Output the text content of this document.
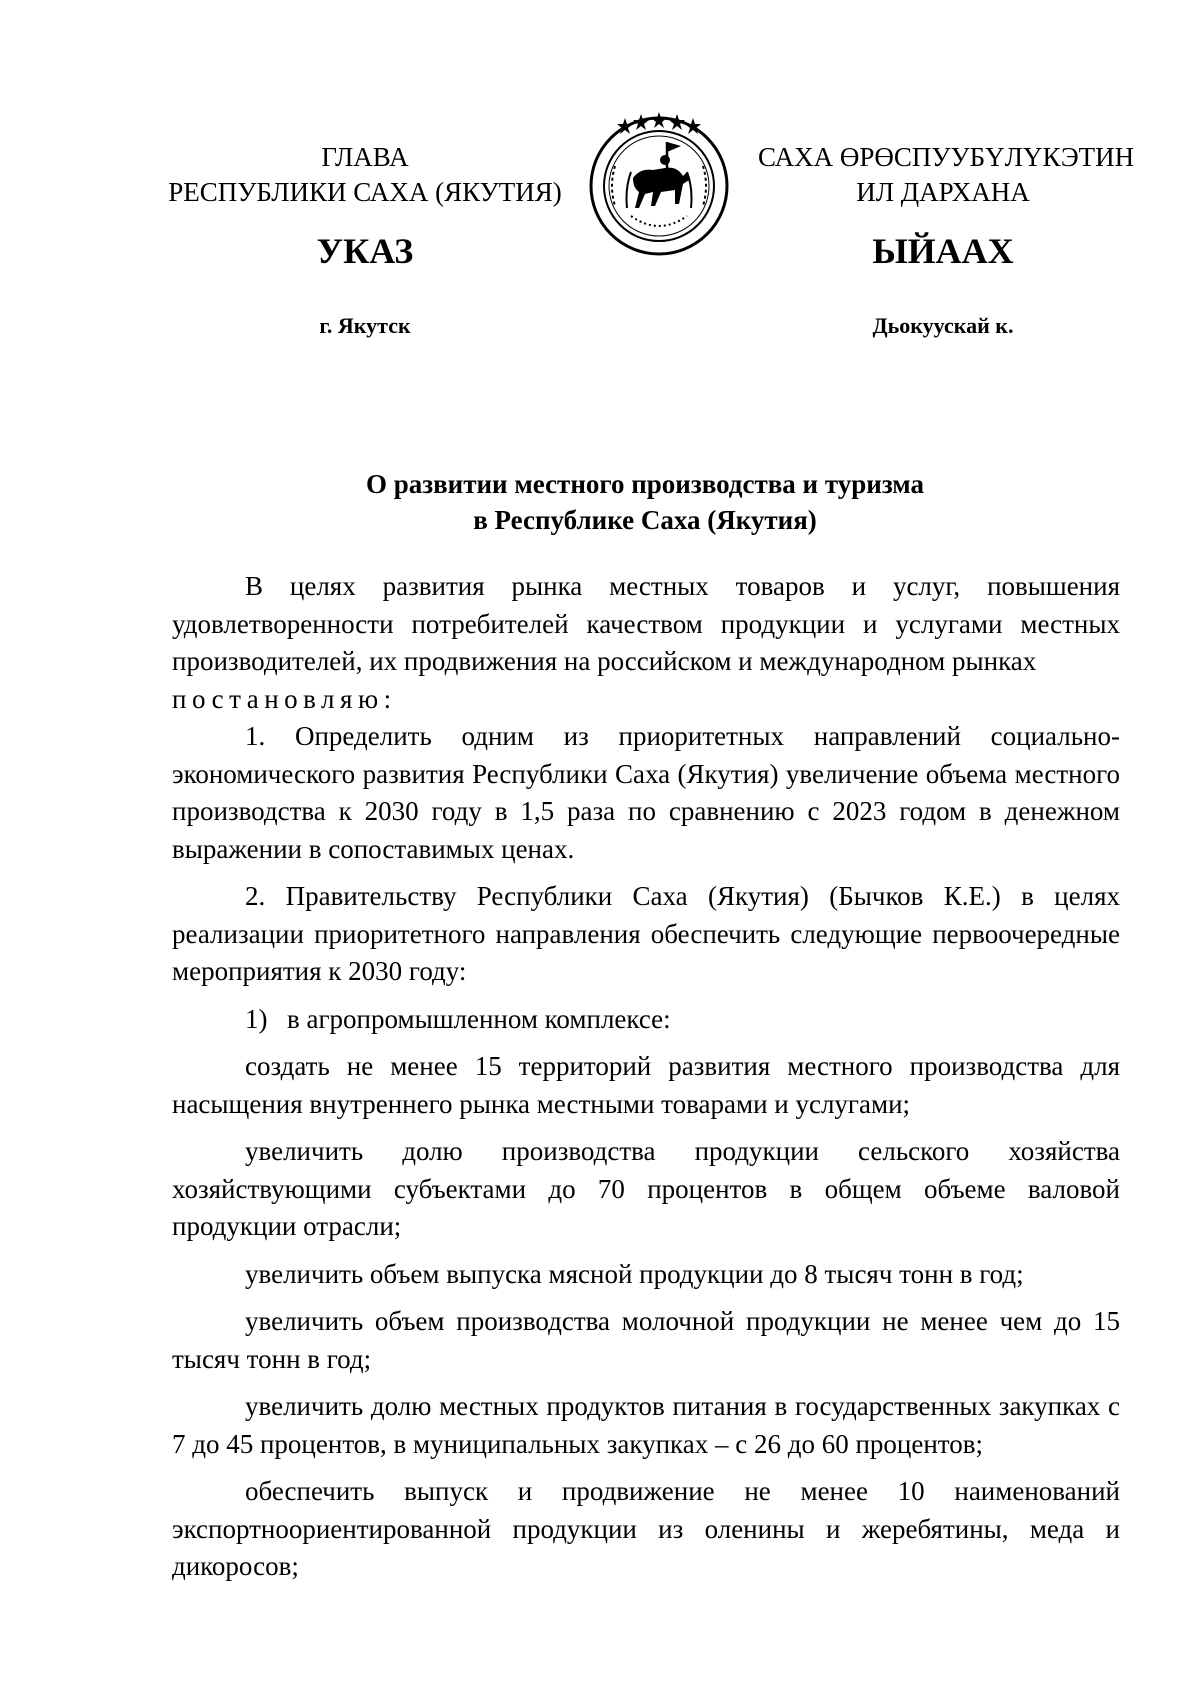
ГЛАВА
РЕСПУБЛИКИ САХА (ЯКУТИЯ)
САХА ӨРӨСПУУБҮЛҮКЭТИН
ИЛ ДАРХАНА
УКАЗ	ЫЙААХ
г. Якутск	Дьокуускай к.
О развитии местного производства и туризма
в Республике Саха (Якутия)

В целях развития рынка местных товаров и услуг, повышения удовлетворенности потребителей качеством продукции и услугами местных производителей, их продвижения на российском и международном рынках
постановляю:

1. Определить одним из приоритетных направлений социально-экономического развития Республики Саха (Якутия) увеличение объема местного производства к 2030 году в 1,5 раза по сравнению с 2023 годом в денежном выражении в сопоставимых ценах.

2. Правительству Республики Саха (Якутия) (Бычков К.Е.) в целях реализации приоритетного направления обеспечить следующие первоочередные мероприятия к 2030 году:

1) в агропромышленном комплексе:

создать не менее 15 территорий развития местного производства для насыщения внутреннего рынка местными товарами и услугами;

увеличить долю производства продукции сельского хозяйства хозяйствующими субъектами до 70 процентов в общем объеме валовой продукции отрасли;

увеличить объем выпуска мясной продукции до 8 тысяч тонн в год;

увеличить объем производства молочной продукции не менее чем до 15 тысяч тонн в год;

увеличить долю местных продуктов питания в государственных закупках с 7 до 45 процентов, в муниципальных закупках – с 26 до 60 процентов;

обеспечить выпуск и продвижение не менее 10 наименований экспортноориентированной продукции из оленины и жеребятины, меда и дикоросов;
